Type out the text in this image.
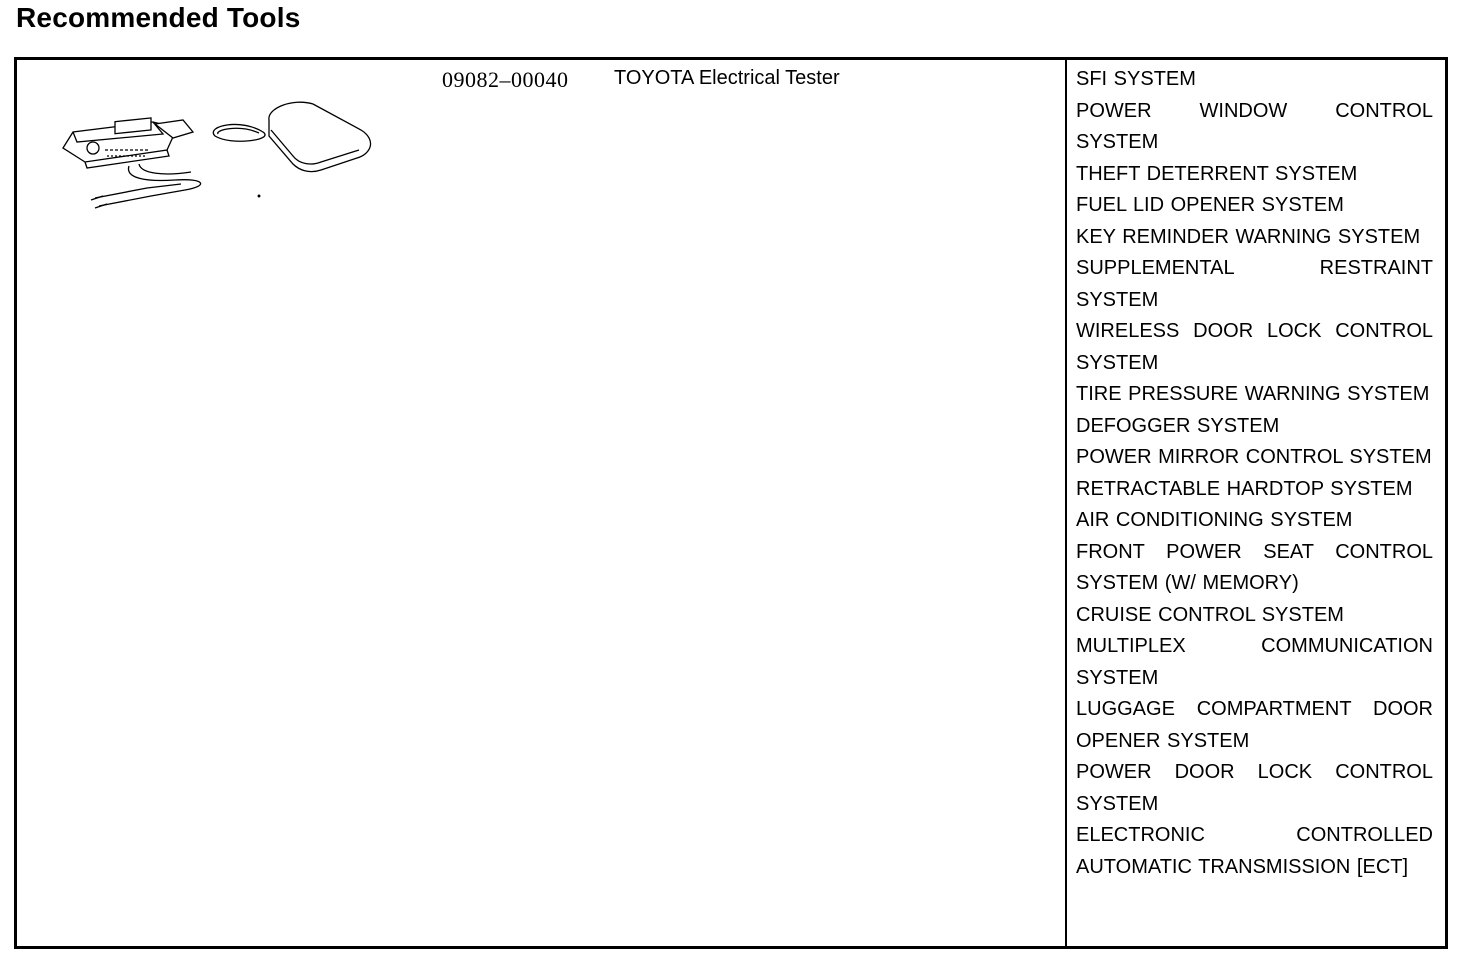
Recommended Tools
09082–00040 TOYOTA Electrical Tester	SFI SYSTEM
POWER WINDOW CONTROL SYSTEM
THEFT DETERRENT SYSTEM
FUEL LID OPENER SYSTEM
KEY REMINDER WARNING SYSTEM
SUPPLEMENTAL RESTRAINT SYSTEM
WIRELESS DOOR LOCK CONTROL SYSTEM
TIRE PRESSURE WARNING SYSTEM
DEFOGGER SYSTEM
POWER MIRROR CONTROL SYSTEM
RETRACTABLE HARDTOP SYSTEM
AIR CONDITIONING SYSTEM
FRONT POWER SEAT CONTROL SYSTEM (W/ MEMORY)
CRUISE CONTROL SYSTEM
MULTIPLEX COMMUNICATION SYSTEM
LUGGAGE COMPARTMENT DOOR OPENER SYSTEM
POWER DOOR LOCK CONTROL SYSTEM
ELECTRONIC CONTROLLED AUTOMATIC TRANSMISSION [ECT]
